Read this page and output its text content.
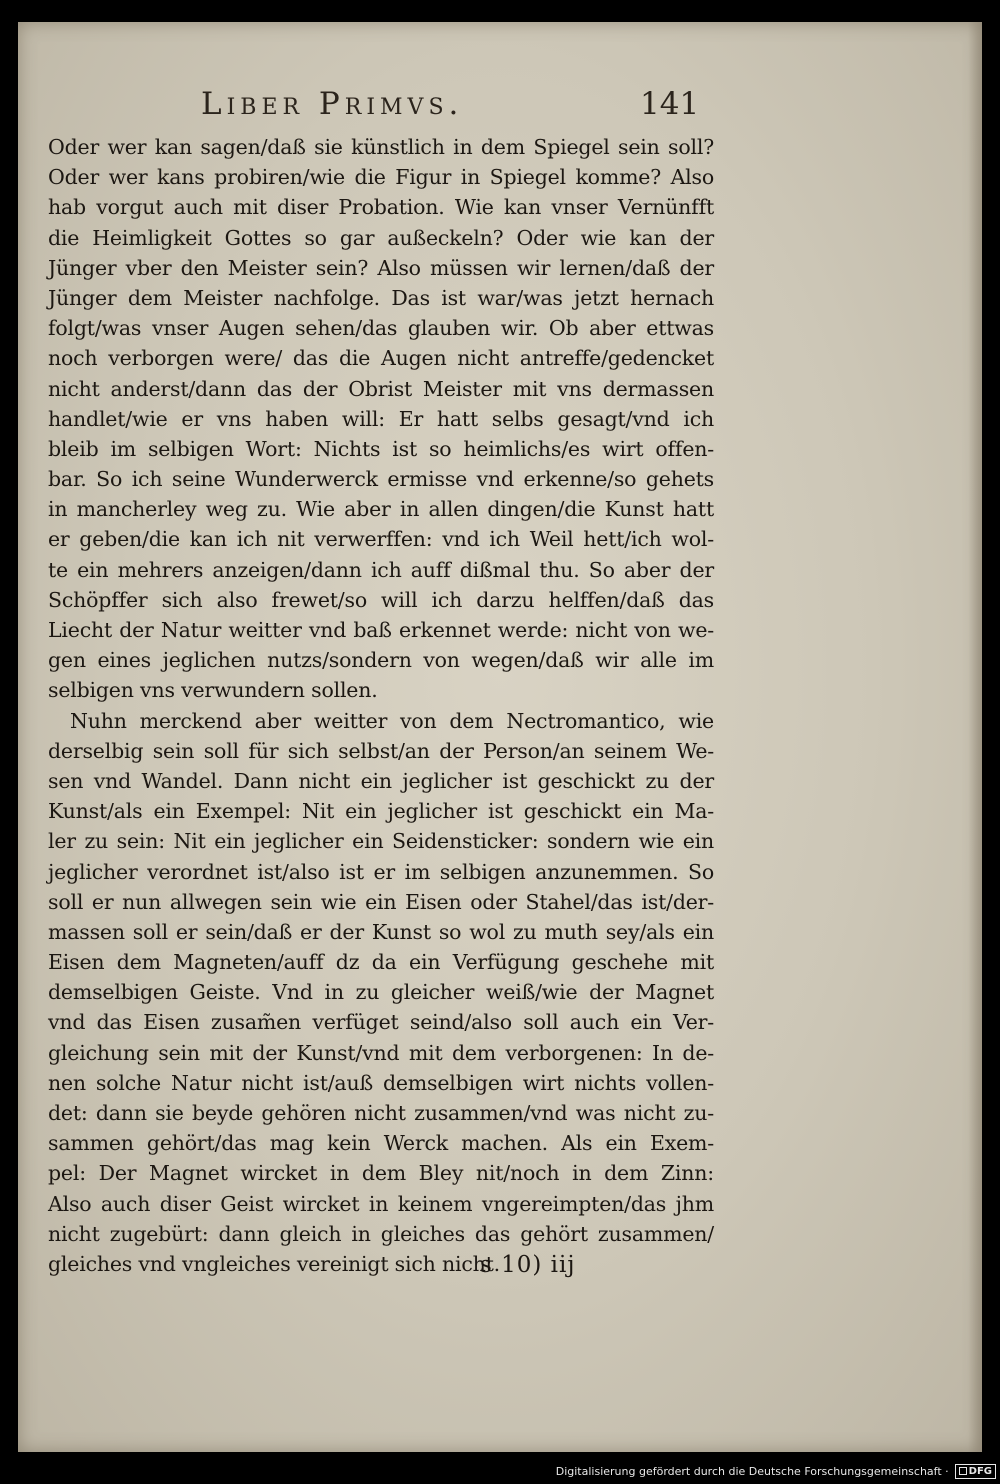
Liber Primvs.	141
Oder wer kan sagen/daß sie künstlich in dem Spiegel sein soll?
Oder wer kans probiren/wie die Figur in Spiegel komme? Also
hab vorgut auch mit diser Probation. Wie kan vnser Vernünfft
die Heimligkeit Gottes so gar außeckeln? Oder wie kan der
Jünger vber den Meister sein? Also müssen wir lernen/daß der
Jünger dem Meister nachfolge. Das ist war/was jetzt hernach
folgt/was vnser Augen sehen/das glauben wir. Ob aber ettwas
noch verborgen were/ das die Augen nicht antreffe/gedencket
nicht anderst/dann das der Obrist Meister mit vns dermassen
handlet/wie er vns haben will: Er hatt selbs gesagt/vnd ich
bleib im selbigen Wort: Nichts ist so heimlichs/es wirt offen-
bar. So ich seine Wunderwerck ermisse vnd erkenne/so gehets
in mancherley weg zu. Wie aber in allen dingen/die Kunst hatt
er geben/die kan ich nit verwerffen: vnd ich Weil hett/ich wol-
te ein mehrers anzeigen/dann ich auff dißmal thu. So aber der
Schöpffer sich also frewet/so will ich darzu helffen/daß das
Liecht der Natur weitter vnd baß erkennet werde: nicht von we-
gen eines jeglichen nutzs/sondern von wegen/daß wir alle im
selbigen vns verwundern sollen.
Nuhn merckend aber weitter von dem Nectromantico, wie
derselbig sein soll für sich selbst/an der Person/an seinem We-
sen vnd Wandel. Dann nicht ein jeglicher ist geschickt zu der
Kunst/als ein Exempel: Nit ein jeglicher ist geschickt ein Ma-
ler zu sein: Nit ein jeglicher ein Seidensticker: sondern wie ein
jeglicher verordnet ist/also ist er im selbigen anzunemmen. So
soll er nun allwegen sein wie ein Eisen oder Stahel/das ist/der-
massen soll er sein/daß er der Kunst so wol zu muth sey/als ein
Eisen dem Magneten/auff dz da ein Verfügung geschehe mit
demselbigen Geiste. Vnd in zu gleicher weiß/wie der Magnet
vnd das Eisen zusam̃en verfüget seind/also soll auch ein Ver-
gleichung sein mit der Kunst/vnd mit dem verborgenen: In de-
nen solche Natur nicht ist/auß demselbigen wirt nichts vollen-
det: dann sie beyde gehören nicht zusammen/vnd was nicht zu-
sammen gehört/das mag kein Werck machen. Als ein Exem-
pel: Der Magnet wircket in dem Bley nit/noch in dem Zinn:
Also auch diser Geist wircket in keinem vngereimpten/das jhm
nicht zugebürt: dann gleich in gleiches das gehört zusammen/
gleiches vnd vngleiches vereinigt sich nicht.
s 10) iij
Digitalisierung gefördert durch die Deutsche Forschungsgemeinschaft ·	DFG
